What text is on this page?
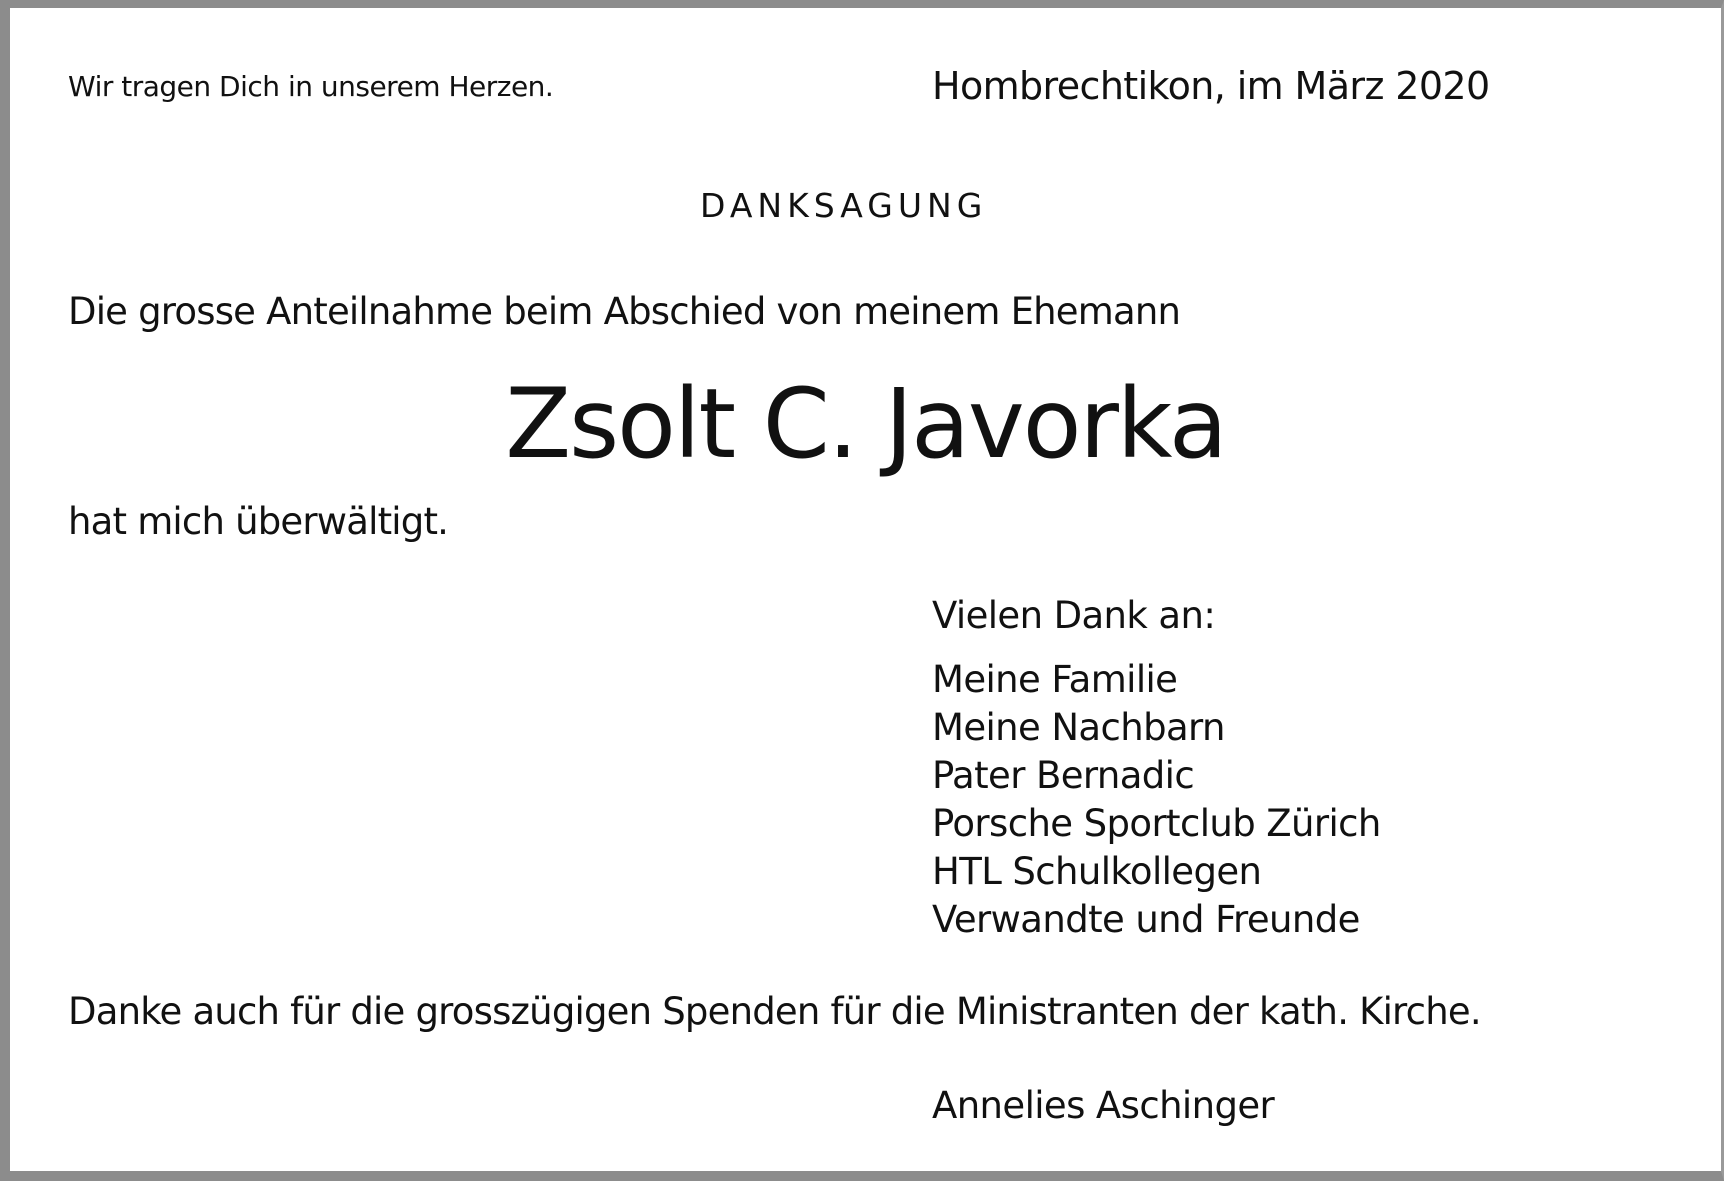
Wir tragen Dich in unserem Herzen.	Hombrechtikon, im März 2020

DANKSAGUNG

Die grosse Anteilnahme beim Abschied von meinem Ehemann

Zsolt C. Javorka

hat mich überwältigt.

Vielen Dank an:

Meine Familie
Meine Nachbarn
Pater Bernadic
Porsche Sportclub Zürich
HTL Schulkollegen
Verwandte und Freunde

Danke auch für die grosszügigen Spenden für die Ministranten der kath. Kirche.

Annelies Aschinger
